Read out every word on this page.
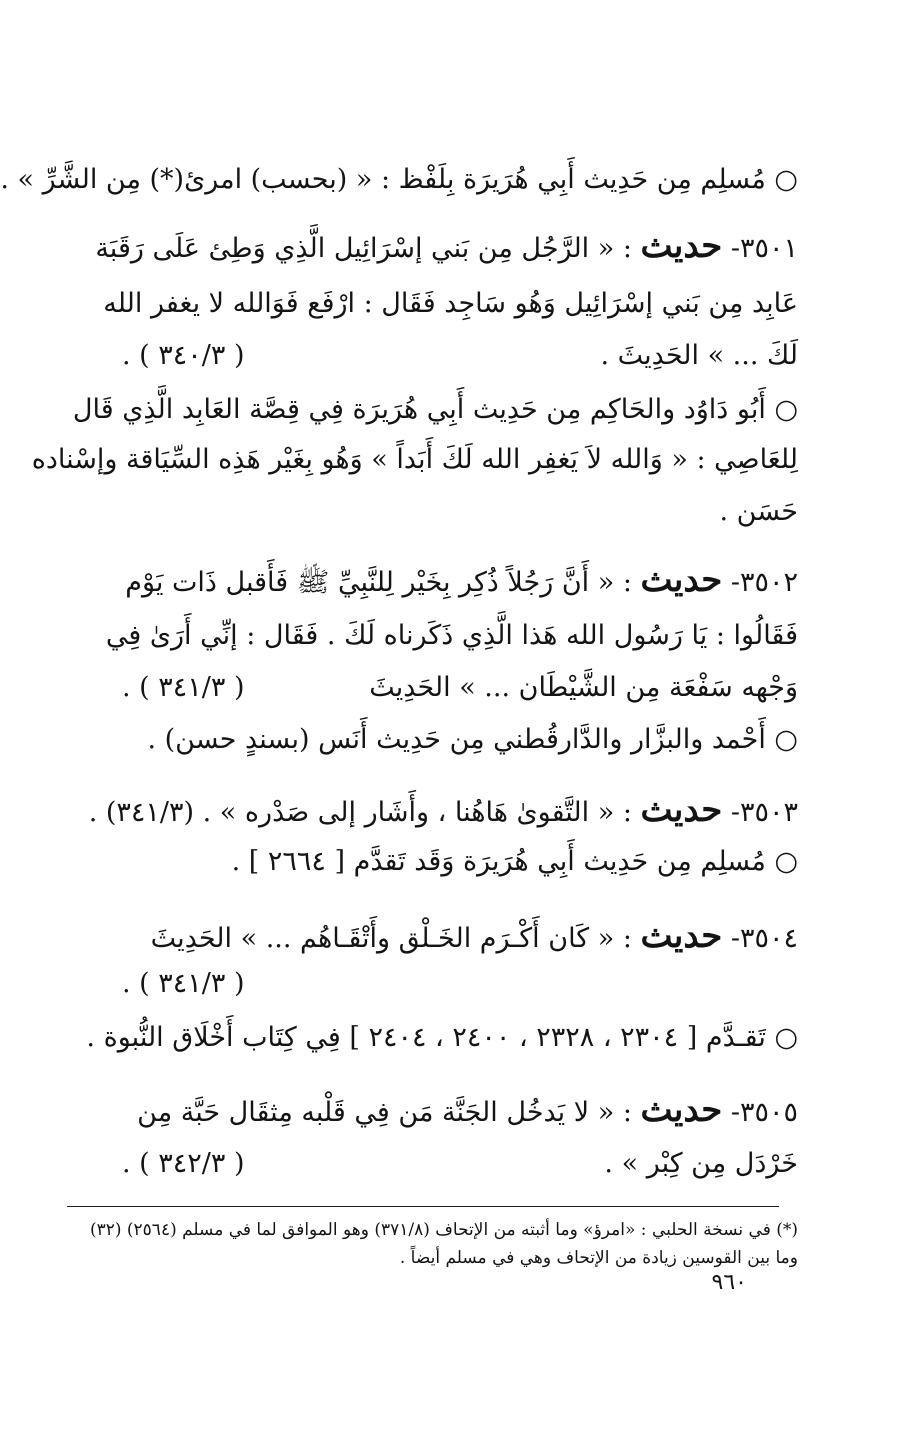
○ مُسلِم مِن حَدِيث أَبِي هُرَيرَة بِلَفْظ : « (بحسب) امرئ(*) مِن الشَّرِّ » .
٣٥٠١- حديث : « الرَّجُل مِن بَني إسْرَائِيل الَّذِي وَطِئ عَلَى رَقَبَة
عَابِد مِن بَني إسْرَائِيل وَهُو سَاجِد فَقَال : ارْفَع فَوَالله لا يغفر الله
لَكَ ... » الحَدِيثَ .
( ٣٤٠/٣ ) .
○ أَبُو دَاوُد والحَاكِم مِن حَدِيث أَبِي هُرَيرَة فِي قِصَّة العَابِد الَّذِي قَال
لِلعَاصِي : « وَالله لاَ يَغفِر الله لَكَ أَبَداً » وَهُو بِغَيْر هَذِه السِّيَاقة وإسْناده
حَسَن .
٣٥٠٢- حديث : « أَنَّ رَجُلاً ذُكِر بِخَيْر لِلنَّبِيِّ ﷺ فَأَقبل ذَات يَوْم
فَقَالُوا : يَا رَسُول الله هَذا الَّذِي ذَكَرناه لَكَ . فَقَال : إنِّي أَرَىٰ فِي
وَجْهه سَفْعَة مِن الشَّيْطَان ... » الحَدِيثَ
( ٣٤١/٣ ) .
○ أَحْمد والبزَّار والدَّارقُطني مِن حَدِيث أَنَس (بسندٍ حسن) .
٣٥٠٣- حديث : « التَّقوىٰ هَاهُنا ، وأَشَار إلى صَدْره » . (٣٤١/٣) .
○ مُسلِم مِن حَدِيث أَبِي هُرَيرَة وَقَد تَقدَّم [ ٢٦٦٤ ] .
٣٥٠٤- حديث : « كَان أَكْـرَم الخَـلْق وأَتْقَـاهُم ... » الحَدِيثَ
( ٣٤١/٣ ) .
○ تَقـدَّم [ ٢٣٠٤ ، ٢٣٢٨ ، ٢٤٠٠ ، ٢٤٠٤ ] فِي كِتَاب أَخْلَاق النُّبوة .
٣٥٠٥- حديث : « لا يَدخُل الجَنَّة مَن فِي قَلْبه مِثقَال حَبَّة مِن
خَرْدَل مِن كِبْر » .
( ٣٤٢/٣ ) .
(*) في نسخة الحلبي : «امرؤ» وما أثبته من الإتحاف (٣٧١/٨) وهو الموافق لما في مسلم (٢٥٦٤) (٣٢)
وما بين القوسين زيادة من الإتحاف وهي في مسلم أيضاً .
٩٦٠
